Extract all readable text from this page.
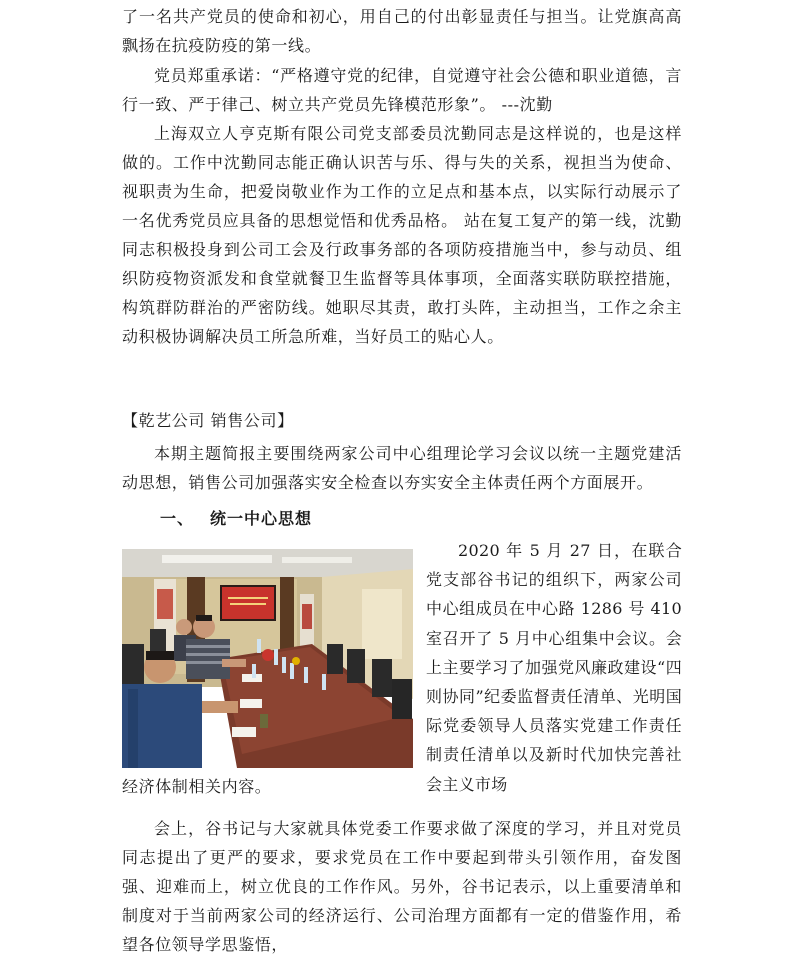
了一名共产党员的使命和初心，用自己的付出彰显责任与担当。让党旗高高飘扬在抗疫防疫的第一线。

党员郑重承诺：“严格遵守党的纪律，自觉遵守社会公德和职业道德，言行一致、严于律己、树立共产党员先锋模范形象”。 ---沈勤

上海双立人亨克斯有限公司党支部委员沈勤同志是这样说的，也是这样做的。工作中沈勤同志能正确认识苦与乐、得与失的关系，视担当为使命、视职责为生命，把爱岗敬业作为工作的立足点和基本点，以实际行动展示了一名优秀党员应具备的思想觉悟和优秀品格。 站在复工复产的第一线，沈勤同志积极投身到公司工会及行政事务部的各项防疫措施当中，参与动员、组织防疫物资派发和食堂就餐卫生监督等具体事项，全面落实联防联控措施，构筑群防群治的严密防线。她职尽其责，敢打头阵，主动担当，工作之余主动积极协调解决员工所急所难，当好员工的贴心人。

【乾艺公司 销售公司】

本期主题简报主要围绕两家公司中心组理论学习会议以统一主题党建活动思想，销售公司加强落实安全检查以夯实安全主体责任两个方面展开。

一、 统一中心思想

2020 年 5 月 27 日，在联合党支部谷书记的组织下，两家公司中心组成员在中心路 1286 号 410 室召开了 5 月中心组集中会议。会上主要学习了加强党风廉政建设“四则协同”纪委监督责任清单、光明国际党委领导人员落实党建工作责任制责任清单以及新时代加快完善社会主义市场

经济体制相关内容。

会上，谷书记与大家就具体党委工作要求做了深度的学习，并且对党员同志提出了更严的要求，要求党员在工作中要起到带头引领作用，奋发图强、迎难而上，树立优良的工作作风。另外，谷书记表示，以上重要清单和制度对于当前两家公司的经济运行、公司治理方面都有一定的借鉴作用，希望各位领导学思鉴悟，
